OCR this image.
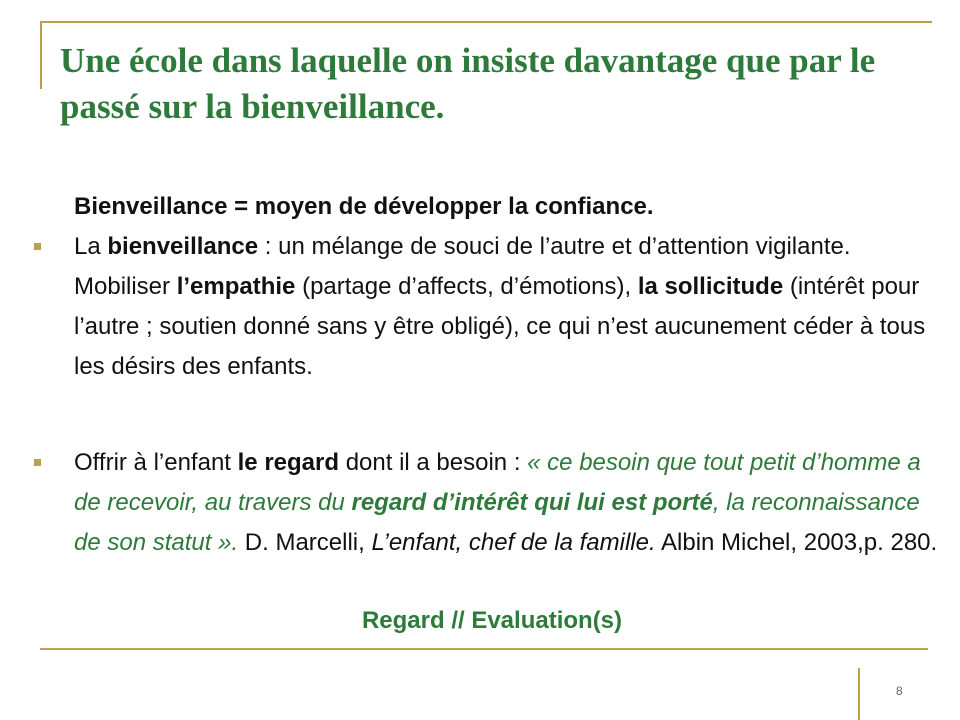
Une école dans laquelle on insiste davantage que par le passé sur la bienveillance.
Bienveillance = moyen de développer la confiance.
La bienveillance : un mélange de souci de l’autre et d’attention vigilante. Mobiliser l’empathie (partage d’affects, d’émotions), la sollicitude (intérêt pour l’autre ; soutien donné sans y être obligé), ce qui n’est aucunement céder à tous les désirs des enfants.
Offrir à l’enfant le regard dont il a besoin : « ce besoin que tout petit d’homme a de recevoir, au travers du regard d’intérêt qui lui est porté, la reconnaissance de son statut ». D. Marcelli, L’enfant, chef de la famille. Albin Michel, 2003,p. 280.
Regard // Evaluation(s)
8
